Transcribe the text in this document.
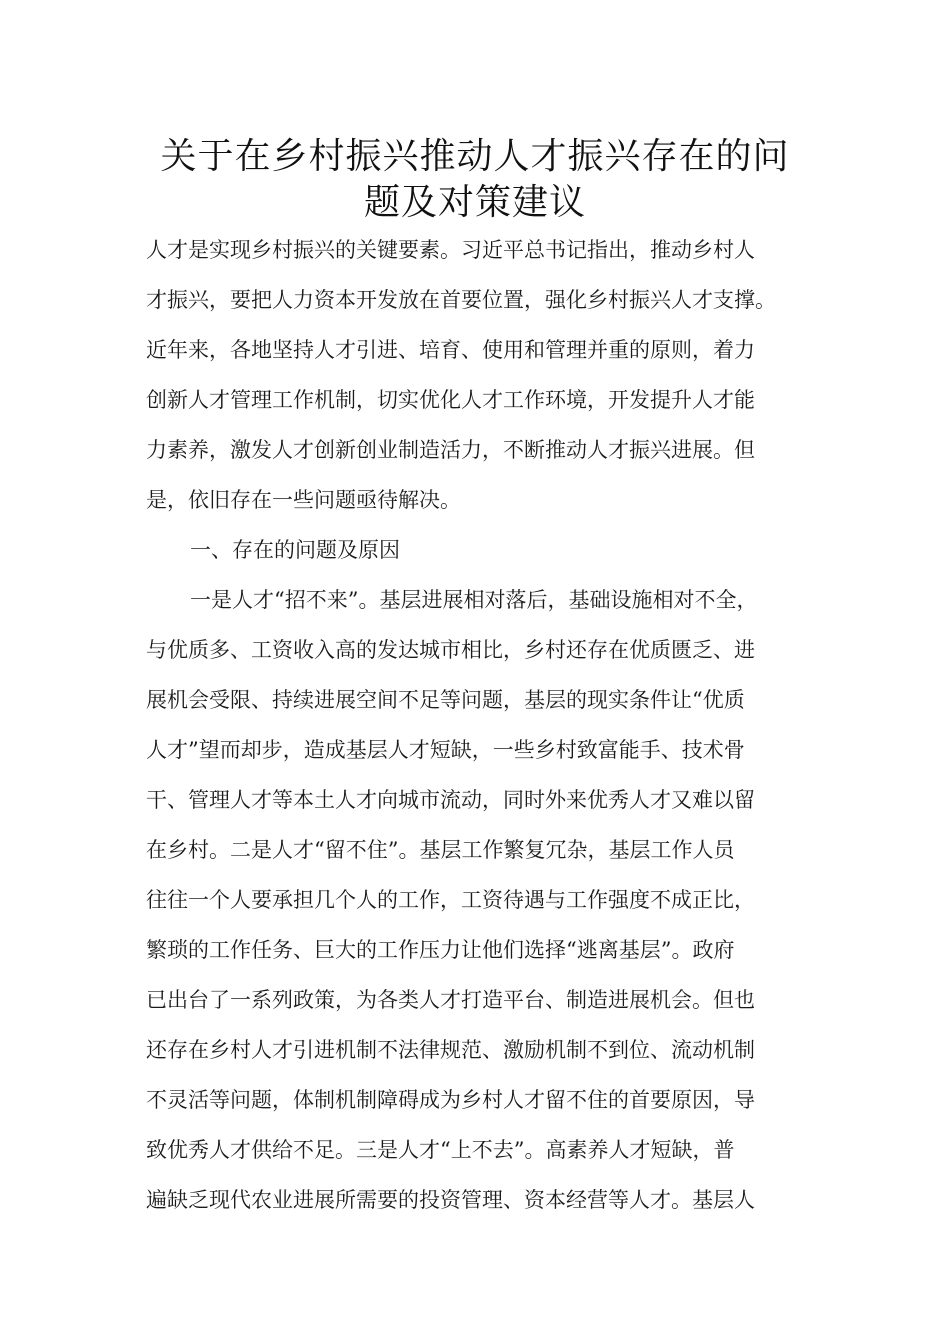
关于在乡村振兴推动人才振兴存在的问
题及对策建议
人才是实现乡村振兴的关键要素。习近平总书记指出，推动乡村人
才振兴，要把人力资本开发放在首要位置，强化乡村振兴人才支撑。
近年来，各地坚持人才引进、培育、使用和管理并重的原则，着力
创新人才管理工作机制，切实优化人才工作环境，开发提升人才能
力素养，激发人才创新创业制造活力，不断推动人才振兴进展。但
是，依旧存在一些问题亟待解决。
一、存在的问题及原因
一是人才“招不来”。基层进展相对落后，基础设施相对不全，
与优质多、工资收入高的发达城市相比，乡村还存在优质匮乏、进
展机会受限、持续进展空间不足等问题，基层的现实条件让“优质
人才”望而却步，造成基层人才短缺，一些乡村致富能手、技术骨
干、管理人才等本土人才向城市流动，同时外来优秀人才又难以留
在乡村。二是人才“留不住”。基层工作繁复冗杂，基层工作人员
往往一个人要承担几个人的工作，工资待遇与工作强度不成正比，
繁琐的工作任务、巨大的工作压力让他们选择“逃离基层”。政府
已出台了一系列政策，为各类人才打造平台、制造进展机会。但也
还存在乡村人才引进机制不法律规范、激励机制不到位、流动机制
不灵活等问题，体制机制障碍成为乡村人才留不住的首要原因，导
致优秀人才供给不足。三是人才“上不去”。高素养人才短缺，普
遍缺乏现代农业进展所需要的投资管理、资本经营等人才。基层人
